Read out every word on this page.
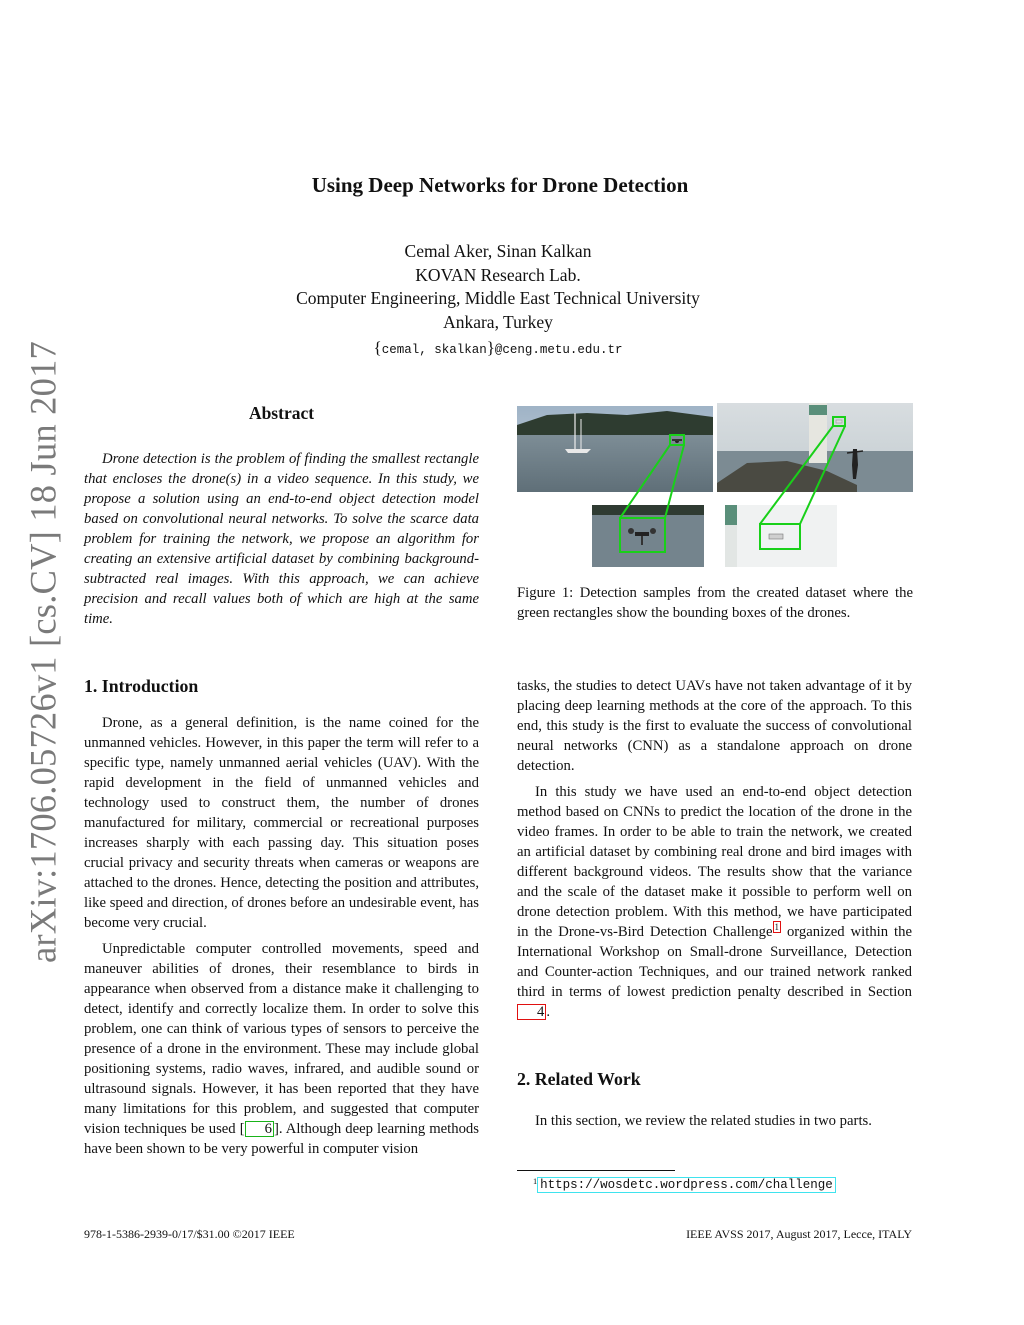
arXiv:1706.05726v1 [cs.CV] 18 Jun 2017
Using Deep Networks for Drone Detection
Cemal Aker, Sinan Kalkan
KOVAN Research Lab.
Computer Engineering, Middle East Technical University
Ankara, Turkey
{cemal, skalkan}@ceng.metu.edu.tr
Abstract
Drone detection is the problem of finding the smallest rectangle that encloses the drone(s) in a video sequence. In this study, we propose a solution using an end-to-end object detection model based on convolutional neural networks. To solve the scarce data problem for training the network, we propose an algorithm for creating an extensive artificial dataset by combining background-subtracted real images. With this approach, we can achieve precision and recall values both of which are high at the same time.
Figure 1: Detection samples from the created dataset where the green rectangles show the bounding boxes of the drones.
1. Introduction

Drone, as a general definition, is the name coined for the unmanned vehicles. However, in this paper the term will refer to a specific type, namely unmanned aerial vehicles (UAV). With the rapid development in the field of unmanned vehicles and technology used to construct them, the number of drones manufactured for military, commercial or recreational purposes increases sharply with each passing day. This situation poses crucial privacy and security threats when cameras or weapons are attached to the drones. Hence, detecting the position and attributes, like speed and direction, of drones before an undesirable event, has become very crucial.

Unpredictable computer controlled movements, speed and maneuver abilities of drones, their resemblance to birds in appearance when observed from a distance make it challenging to detect, identify and correctly localize them. In order to solve this problem, one can think of various types of sensors to perceive the presence of a drone in the environment. These may include global positioning systems, radio waves, infrared, and audible sound or ultrasound signals. However, it has been reported that they have many limitations for this problem, and suggested that computer vision techniques be used [ 6 ]. Although deep learning methods have been shown to be very powerful in computer vision

tasks, the studies to detect UAVs have not taken advantage of it by placing deep learning methods at the core of the approach. To this end, this study is the first to evaluate the success of convolutional neural networks (CNN) as a standalone approach on drone detection.

In this study we have used an end-to-end object detection method based on CNNs to predict the location of the drone in the video frames. In order to be able to train the network, we created an artificial dataset by combining real drone and bird images with different background videos. The results show that the variance and the scale of the dataset make it possible to perform well on drone detection problem. With this method, we have participated in the Drone-vs-Bird Detection Challenge $^1$ organized within the International Workshop on Small-drone Surveillance, Detection and Counter-action Techniques, and our trained network ranked third in terms of lowest prediction penalty described in Section 4 .

2. Related Work

In this section, we review the related studies in two parts.

$^1$ https://wosdetc.wordpress.com/challenge
978-1-5386-2939-0/17/$31.00 ©2017 IEEE	IEEE AVSS 2017, August 2017, Lecce, ITALY
